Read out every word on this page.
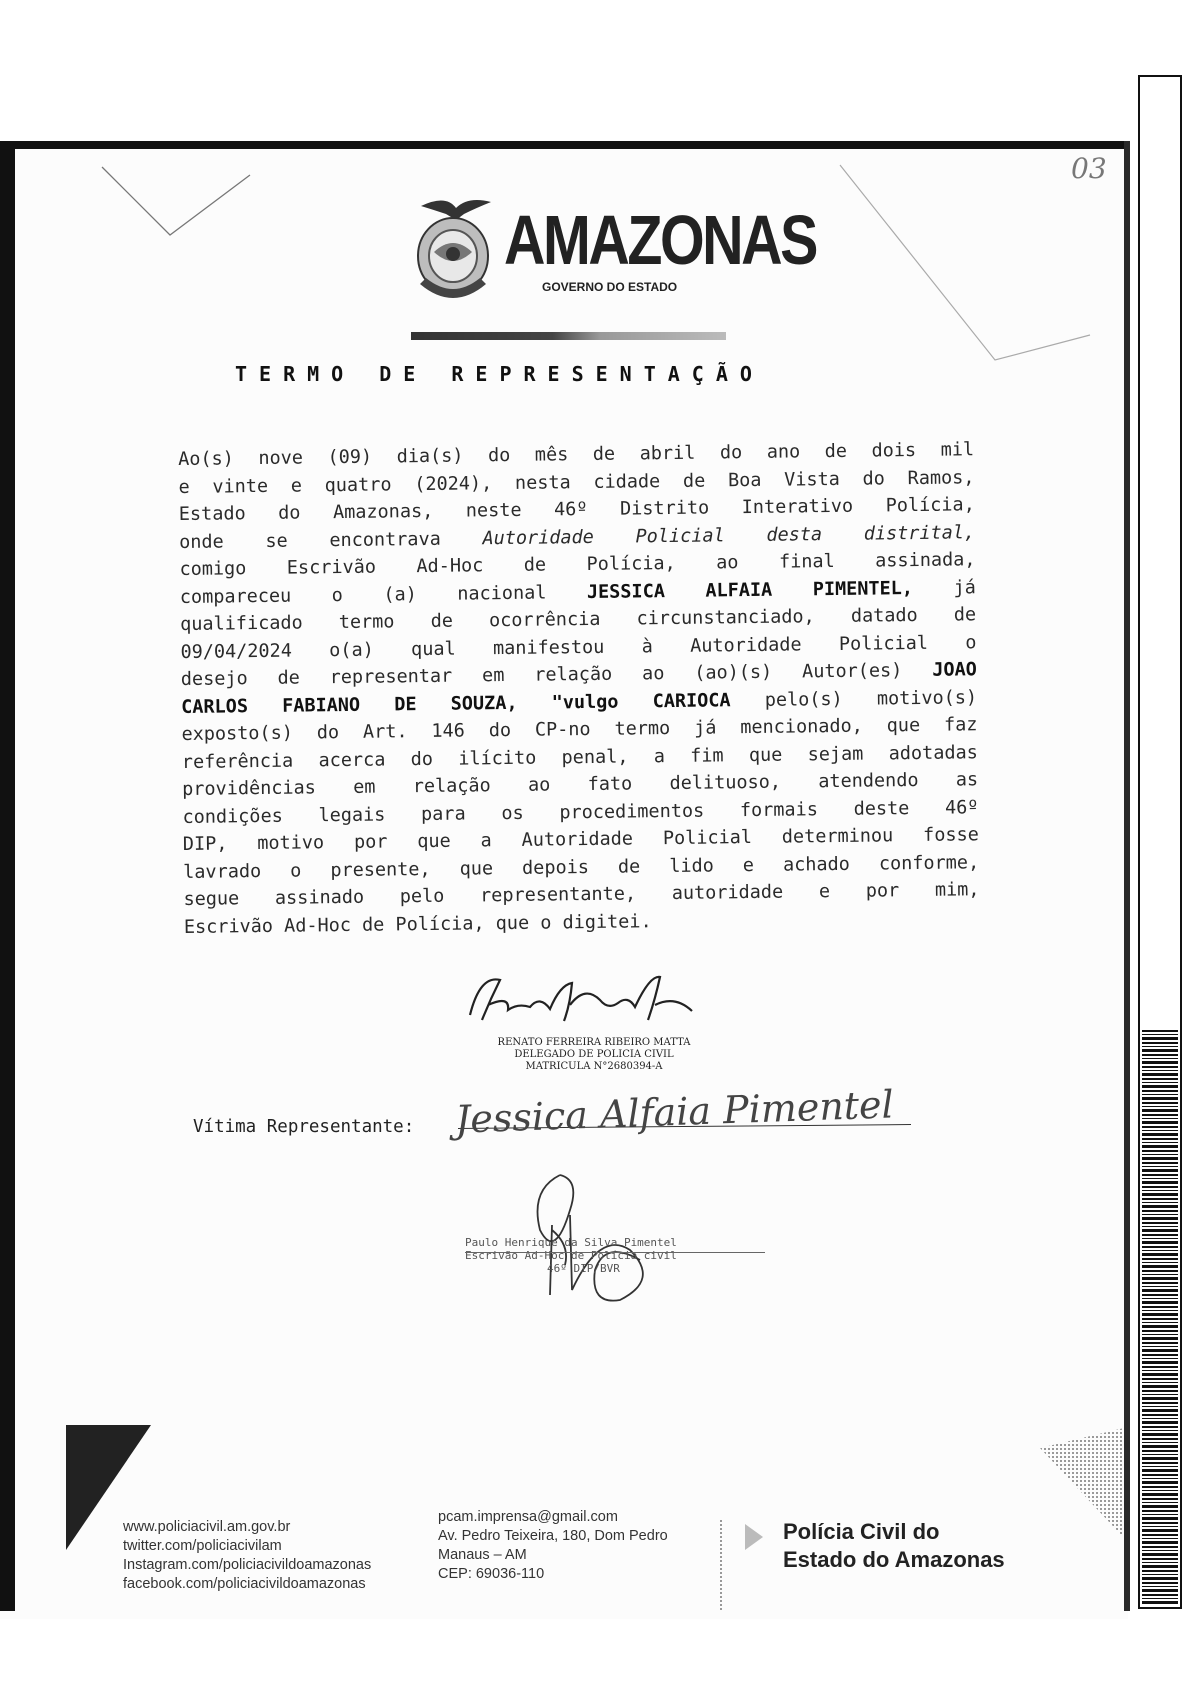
03
AMAZONAS
GOVERNO DO ESTADO
TERMO DE REPRESENTAÇÃO
Ao(s) nove (09) dia(s) do mês de abril do ano de dois mil
e vinte e quatro (2024), nesta cidade de Boa Vista do Ramos,
Estado do Amazonas, neste 46º Distrito Interativo Polícia,
onde se encontrava Autoridade Policial desta distrital,
comigo Escrivão Ad-Hoc de Polícia, ao final assinada,
compareceu o (a) nacional JESSICA ALFAIA PIMENTEL, já
qualificado termo de ocorrência circunstanciado, datado de
09/04/2024 o(a) qual manifestou à Autoridade Policial o
desejo de representar em relação ao (ao)(s) Autor(es) JOAO
CARLOS FABIANO DE SOUZA, "vulgo CARIOCA pelo(s) motivo(s)
exposto(s) do Art. 146 do CP-no termo já mencionado, que faz
referência acerca do ilícito penal, a fim que sejam adotadas
providências em relação ao fato delituoso, atendendo as
condições legais para os procedimentos formais deste 46º
DIP, motivo por que a Autoridade Policial determinou fosse
lavrado o presente, que depois de lido e achado conforme,
segue assinado pelo representante, autoridade e por mim,
Escrivão Ad-Hoc de Polícia, que o digitei.
RENATO FERREIRA RIBEIRO MATTA
DELEGADO DE POLICIA CIVIL
MATRICULA N°2680394-A
Vítima Representante: Jessica Alfaia Pimentel
Paulo Henrique da Silva Pimentel
Escrivão Ad-Hoc de Polícia civil
46º DIP/BVR
www.policiacivil.am.gov.br
twitter.com/policiacivilam
Instagram.com/policiacivildoamazonas
facebook.com/policiacivildoamazonas
pcam.imprensa@gmail.com
Av. Pedro Teixeira, 180, Dom Pedro
Manaus – AM
CEP: 69036-110
Polícia Civil do
Estado do Amazonas
